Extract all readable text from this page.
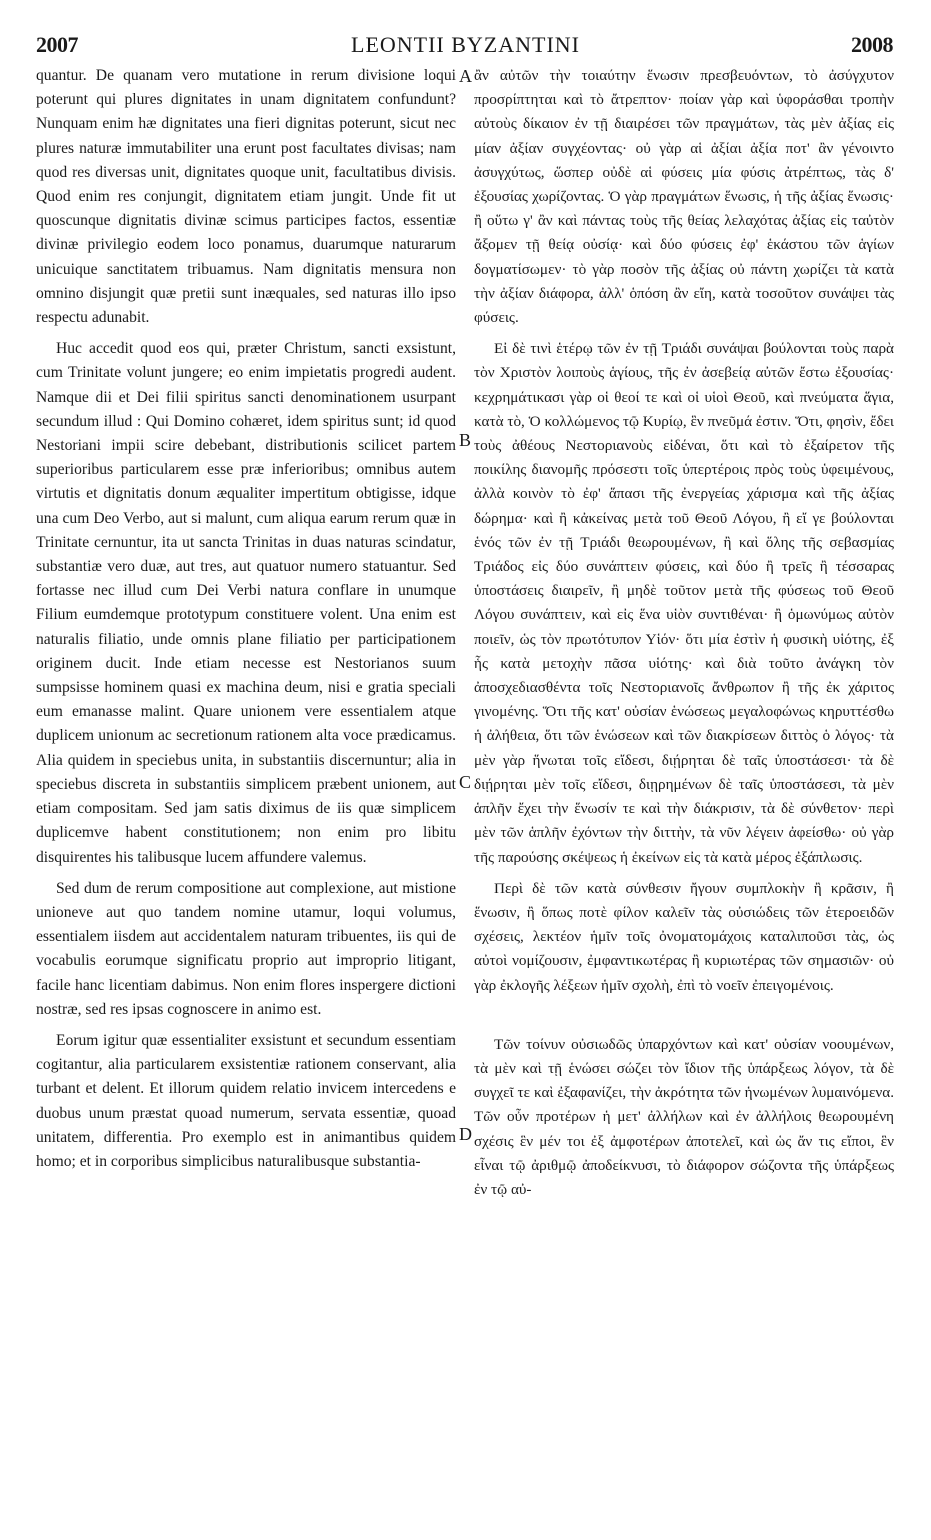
2007	LEONTII BYZANTINI	2008

quantur. De quanam vero mutatione in rerum divisione loqui poterunt qui plures dignitates in unam dignitatem confundunt? Nunquam enim hæ dignitates una fieri dignitas poterunt, sicut nec plures naturæ immutabiliter una erunt post facultates divisas; nam quod res diversas unit, dignitates quoque unit, facultatibus divisis. Quod enim res conjungit, dignitatem etiam jungit. Unde fit ut quoscunque dignitatis divinæ scimus participes factos, essentiæ divinæ privilegio eodem loco ponamus, duarumque naturarum unicuique sanctitatem tribuamus. Nam dignitatis mensura non omnino disjungit quæ pretii sunt inæquales, sed naturas illo ipso respectu adunabit.

Huc accedit quod eos qui, præter Christum, sancti exsistunt, cum Trinitate volunt jungere; eo enim impietatis progredi audent. Namque dii et Dei filii spiritus sancti denominationem usurpant secundum illud : Qui Domino cohæret, idem spiritus sunt; id quod Nestoriani impii scire debebant, distributionis scilicet partem superioribus particularem esse præ inferioribus; omnibus autem virtutis et dignitatis donum æqualiter impertitum obtigisse, idque una cum Deo Verbo, aut si malunt, cum aliqua earum rerum quæ in Trinitate cernuntur, ita ut sancta Trinitas in duas naturas scindatur, substantiæ vero duæ, aut tres, aut quatuor numero statuantur. Sed fortasse nec illud cum Dei Verbi natura conflare in unumque Filium eumdemque prototypum constituere volent. Una enim est naturalis filiatio, unde omnis plane filiatio per participationem originem ducit. Inde etiam necesse est Nestorianos suum sumpsisse hominem quasi ex machina deum, nisi e gratia speciali eum emanasse malint. Quare unionem vere essentialem atque duplicem unionum ac secretionum rationem alta voce prædicamus. Alia quidem in speciebus unita, in substantiis discernuntur; alia in speciebus discreta in substantiis simplicem præbent unionem, aut etiam compositam. Sed jam satis diximus de iis quæ simplicem duplicemve habent constitutionem; non enim pro libitu disquirentes his talibusque lucem affundere valemus.

Sed dum de rerum compositione aut complexione, aut mistione unioneve aut quo tandem nomine utamur, loqui volumus, essentialem iisdem aut accidentalem naturam tribuentes, iis qui de vocabulis eorumque significatu proprio aut improprio litigant, facile hanc licentiam dabimus. Non enim flores inspergere dictioni nostræ, sed res ipsas cognoscere in animo est.

Eorum igitur quæ essentialiter exsistunt et secundum essentiam cogitantur, alia particularem exsistentiæ rationem conservant, alia turbant et delent. Et illorum quidem relatio invicem intercedens e duobus unum præstat quoad numerum, servata essentiæ, quoad unitatem, differentia. Pro exemplo est in animantibus quidem homo; et in corporibus simplicibus naturalibusque substantia-

A
B
C
D

ἂν αὐτῶν τὴν τοιαύτην ἕνωσιν πρεσβευόντων, τὸ ἀσύγχυτον προσρίπτηται καὶ τὸ ἄτρεπτον· ποίαν γὰρ καὶ ὑφοράσθαι τροπὴν αὐτοὺς δίκαιον ἐν τῇ διαιρέσει τῶν πραγμάτων, τὰς μὲν ἀξίας εἰς μίαν ἀξίαν συγχέοντας· οὐ γὰρ αἱ ἀξίαι ἀξία ποτ' ἂν γένοιντο ἀσυγχύτως, ὥσπερ οὐδὲ αἱ φύσεις μία φύσις ἀτρέπτως, τὰς δ' ἐξουσίας χωρίζοντας. Ὁ γὰρ πραγμάτων ἕνωσις, ἡ τῆς ἀξίας ἕνωσις· ἢ οὕτω γ' ἂν καὶ πάντας τοὺς τῆς θείας λελαχότας ἀξίας εἰς ταὐτὸν ἄξομεν τῇ θείᾳ οὐσίᾳ· καὶ δύο φύσεις ἐφ' ἑκάστου τῶν ἁγίων δογματίσωμεν· τὸ γὰρ ποσὸν τῆς ἀξίας οὐ πάντη χωρίζει τὰ κατὰ τὴν ἀξίαν διάφορα, ἀλλ' ὁπόση ἂν εἴη, κατὰ τοσοῦτον συνάψει τὰς φύσεις.

Εἰ δὲ τινὶ ἑτέρῳ τῶν ἐν τῇ Τριάδι συνάψαι βούλονται τοὺς παρὰ τὸν Χριστὸν λοιποὺς ἁγίους, τῆς ἐν ἀσεβείᾳ αὐτῶν ἔστω ἐξουσίας· κεχρημάτικασι γὰρ οἱ θεοί τε καὶ οἱ υἱοὶ Θεοῦ, καὶ πνεύματα ἅγια, κατὰ τὸ, Ὁ κολλώμενος τῷ Κυρίῳ, ἓν πνεῦμά ἐστιν. Ὅτι, φησὶν, ἔδει τοὺς ἀθέους Νεστοριανοὺς εἰδέναι, ὅτι καὶ τὸ ἐξαίρετον τῆς ποικίλης διανομῆς πρόσεστι τοῖς ὑπερτέροις πρὸς τοὺς ὑφειμένους, ἀλλὰ κοινὸν τὸ ἐφ' ἅπασι τῆς ἐνεργείας χάρισμα καὶ τῆς ἀξίας δώρημα· καὶ ἢ κἀκείνας μετὰ τοῦ Θεοῦ Λόγου, ἢ εἴ γε βούλονται ἑνός τῶν ἐν τῇ Τριάδι θεωρουμένων, ἢ καὶ ὅλης τῆς σεβασμίας Τριάδος εἰς δύο συνάπτειν φύσεις, καὶ δύο ἢ τρεῖς ἢ τέσσαρας ὑποστάσεις διαιρεῖν, ἢ μηδὲ τοῦτον μετὰ τῆς φύσεως τοῦ Θεοῦ Λόγου συνάπτειν, καὶ εἰς ἕνα υἱὸν συντιθέναι· ἢ ὁμωνύμως αὐτὸν ποιεῖν, ὡς τὸν πρωτότυπον Υἱόν· ὅτι μία ἐστὶν ἡ φυσικὴ υἱότης, ἐξ ἧς κατὰ μετοχὴν πᾶσα υἱότης· καὶ διὰ τοῦτο ἀνάγκη τὸν ἀποσχεδιασθέντα τοῖς Νεστοριανοῖς ἄνθρωπον ἢ τῆς ἐκ χάριτος γινομένης. Ὅτι τῆς κατ' οὐσίαν ἑνώσεως μεγαλοφώνως κηρυττέσθω ἡ ἀλήθεια, ὅτι τῶν ἑνώσεων καὶ τῶν διακρίσεων διττὸς ὁ λόγος· τὰ μὲν γὰρ ἥνωται τοῖς εἴδεσι, διῄρηται δὲ ταῖς ὑποστάσεσι· τὰ δὲ διῄρηται μὲν τοῖς εἴδεσι, διῃρημένων δὲ ταῖς ὑποστάσεσι, τὰ μὲν ἁπλῆν ἔχει τὴν ἕνωσίν τε καὶ τὴν διάκρισιν, τὰ δὲ σύνθετον· περὶ μὲν τῶν ἁπλῆν ἐχόντων τὴν διττὴν, τὰ νῦν λέγειν ἀφείσθω· οὐ γὰρ τῆς παρούσης σκέψεως ἡ ἐκείνων εἰς τὰ κατὰ μέρος ἐξάπλωσις.

Περὶ δὲ τῶν κατὰ σύνθεσιν ἤγουν συμπλοκὴν ἢ κρᾶσιν, ἢ ἕνωσιν, ἢ ὅπως ποτὲ φίλον καλεῖν τὰς οὐσιώδεις τῶν ἑτεροειδῶν σχέσεις, λεκτέον ἡμῖν τοῖς ὀνοματομάχοις καταλιποῦσι τὰς, ὡς αὐτοὶ νομίζουσιν, ἐμφαντικωτέρας ἢ κυριωτέρας τῶν σημασιῶν· οὐ γὰρ ἐκλογῆς λέξεων ἡμῖν σχολὴ, ἐπὶ τὸ νοεῖν ἐπειγομένοις.

Τῶν τοίνυν οὐσιωδῶς ὑπαρχόντων καὶ κατ' οὐσίαν νοουμένων, τὰ μὲν καὶ τῇ ἑνώσει σώζει τὸν ἴδιον τῆς ὑπάρξεως λόγον, τὰ δὲ συγχεῖ τε καὶ ἐξαφανίζει, τὴν ἀκρότητα τῶν ἡνωμένων λυμαινόμενα. Τῶν οὖν προτέρων ἡ μετ' ἀλλήλων καὶ ἐν ἀλλήλοις θεωρουμένη σχέσις ἓν μέν τοι ἐξ ἀμφοτέρων ἀποτελεῖ, καὶ ὡς ἄν τις εἴποι, ἓν εἶναι τῷ ἀριθμῷ ἀποδείκνυσι, τὸ διάφορον σώζοντα τῆς ὑπάρξεως ἐν τῷ αὐ-
